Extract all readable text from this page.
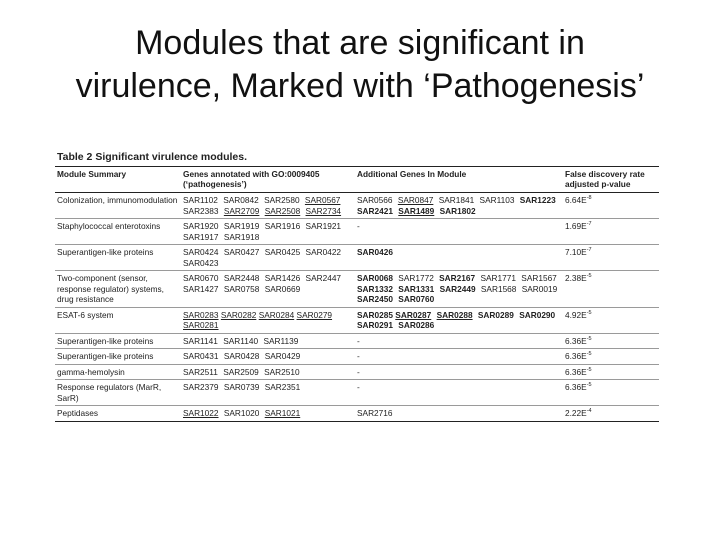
Modules that are significant in
virulence, Marked with ‘Pathogenesis’
Table 2 Significant virulence modules.
Module Summary	Genes annotated with GO:0009405 (‘pathogenesis’)	Additional Genes In Module	False discovery rate adjusted p-value
Colonization, immunomodulation	SAR1102 SAR0842 SAR2580 SAR0567 SAR2383 SAR2709 SAR2508 SAR2734	SAR0566 SAR0847 SAR1841 SAR1103 SAR1223 SAR2421 SAR1489 SAR1802	$6.64E^{-8}$
Staphylococcal enterotoxins	SAR1920 SAR1919 SAR1916 SAR1921 SAR1917 SAR1918	-	$1.69E^{-7}$
Superantigen-like proteins	SAR0424 SAR0427 SAR0425 SAR0422 SAR0423	SAR0426	$7.10E^{-7}$
Two-component (sensor, response regulator) systems, drug resistance	SAR0670 SAR2448 SAR1426 SAR2447 SAR1427 SAR0758 SAR0669	SAR0068 SAR1772 SAR2167 SAR1771 SAR1567 SAR1332 SAR1331 SAR2449 SAR1568 SAR0019 SAR2450 SAR0760	$2.38E^{-5}$
ESAT-6 system	SAR0283 SAR0282 SAR0284 SAR0279 SAR0281	SAR0285 SAR0287 SAR0288 SAR0289 SAR0290 SAR0291 SAR0286	$4.92E^{-5}$
Superantigen-like proteins	SAR1141 SAR1140 SAR1139	-	$6.36E^{-5}$
Superantigen-like proteins	SAR0431 SAR0428 SAR0429	-	$6.36E^{-5}$
gamma-hemolysin	SAR2511 SAR2509 SAR2510	-	$6.36E^{-5}$
Response regulators (MarR, SarR)	SAR2379 SAR0739 SAR2351	-	$6.36E^{-5}$
Peptidases	SAR1022 SAR1020 SAR1021	SAR2716	$2.22E^{-4}$
